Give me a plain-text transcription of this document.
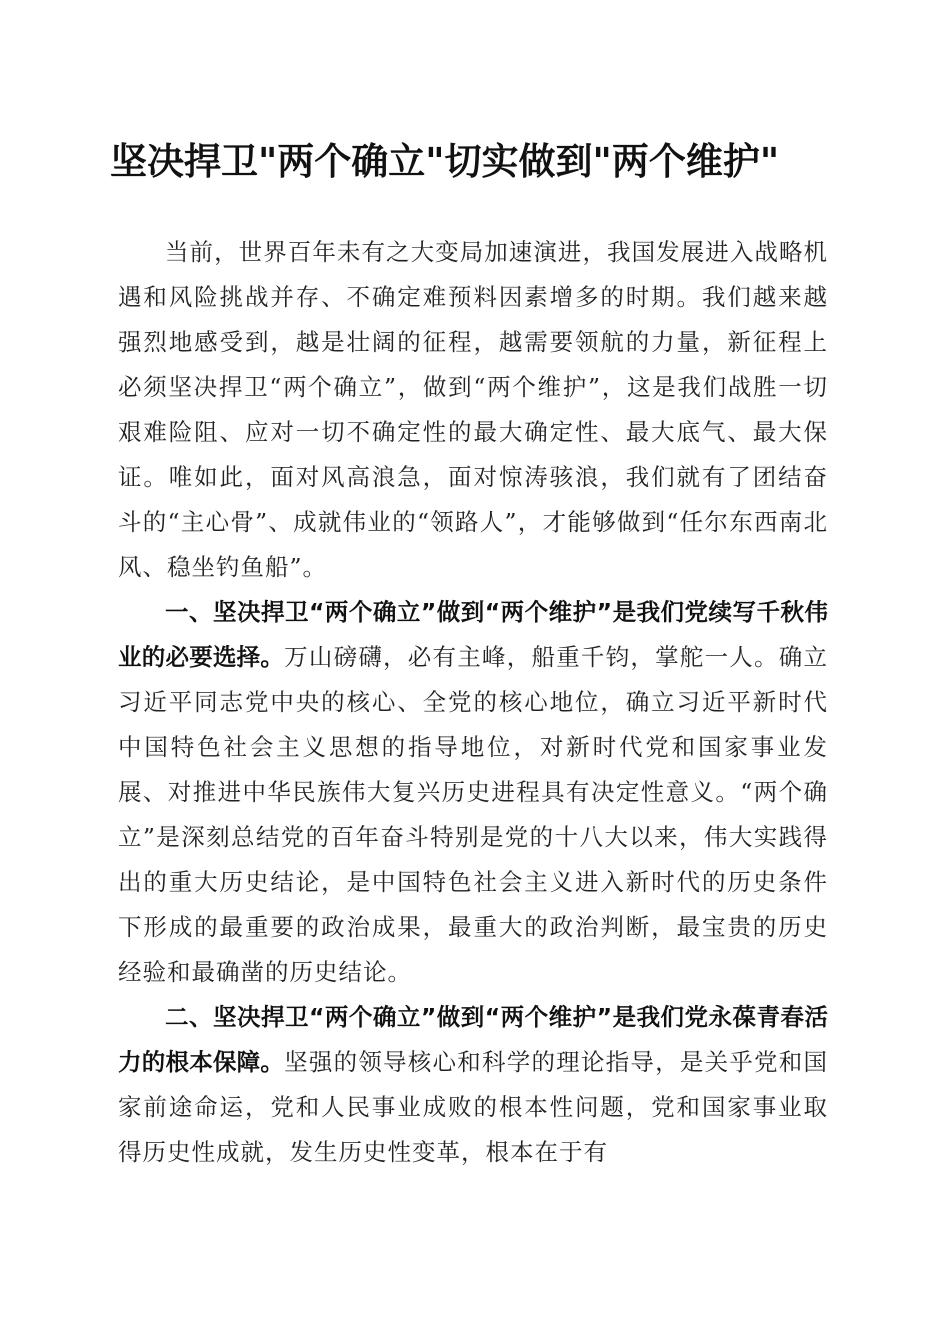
坚决捍卫"两个确立"切实做到"两个维护"

当前，世界百年未有之大变局加速演进，我国发展进入战略机遇和风险挑战并存、不确定难预料因素增多的时期。我们越来越强烈地感受到，越是壮阔的征程，越需要领航的力量，新征程上必须坚决捍卫“两个确立”，做到“两个维护”，这是我们战胜一切艰难险阻、应对一切不确定性的最大确定性、最大底气、最大保证。唯如此，面对风高浪急，面对惊涛骇浪，我们就有了团结奋斗的“主心骨”、成就伟业的“领路人”，才能够做到“任尔东西南北风、稳坐钓鱼船”。

一、坚决捍卫“两个确立”做到“两个维护”是我们党续写千秋伟业的必要选择。万山磅礴，必有主峰，船重千钧，掌舵一人。确立习近平同志党中央的核心、全党的核心地位，确立习近平新时代中国特色社会主义思想的指导地位，对新时代党和国家事业发展、对推进中华民族伟大复兴历史进程具有决定性意义。“两个确立”是深刻总结党的百年奋斗特别是党的十八大以来，伟大实践得出的重大历史结论，是中国特色社会主义进入新时代的历史条件下形成的最重要的政治成果，最重大的政治判断，最宝贵的历史经验和最确凿的历史结论。

二、坚决捍卫“两个确立”做到“两个维护”是我们党永葆青春活力的根本保障。坚强的领导核心和科学的理论指导，是关乎党和国家前途命运，党和人民事业成败的根本性问题，党和国家事业取得历史性成就，发生历史性变革，根本在于有
